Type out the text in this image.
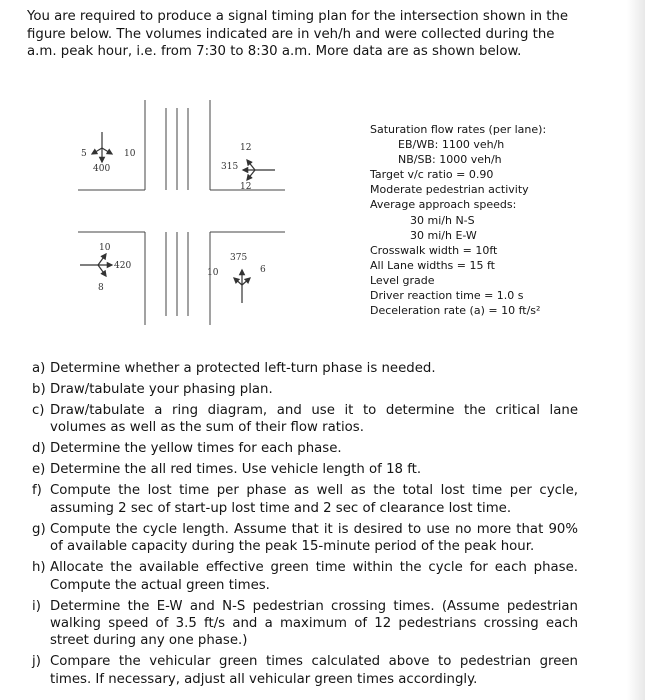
You are required to produce a signal timing plan for the intersection shown in the
figure below. The volumes indicated are in veh/h and were collected during the
a.m. peak hour, i.e. from 7:30 to 8:30 a.m. More data are as shown below.
5	10
400
12
315
12
10
420
8
375
10	6
Saturation flow rates (per lane):
EB/WB: 1100 veh/h
NB/SB: 1000 veh/h
Target v/c ratio = 0.90
Moderate pedestrian activity
Average approach speeds:
30 mi/h N-S
30 mi/h E-W
Crosswalk width = 10ft
All Lane widths = 15 ft
Level grade
Driver reaction time = 1.0 s
Deceleration rate (a) = 10 ft/s²
a) Determine whether a protected left-turn phase is needed.
b) Draw/tabulate your phasing plan.
c) Draw/tabulate a ring diagram, and use it to determine the critical lane volumes as well as the sum of their flow ratios.
d) Determine the yellow times for each phase.
e) Determine the all red times. Use vehicle length of 18 ft.
f) Compute the lost time per phase as well as the total lost time per cycle, assuming 2 sec of start-up lost time and 2 sec of clearance lost time.
g) Compute the cycle length. Assume that it is desired to use no more that 90% of available capacity during the peak 15-minute period of the peak hour.
h) Allocate the available effective green time within the cycle for each phase. Compute the actual green times.
i) Determine the E-W and N-S pedestrian crossing times. (Assume pedestrian walking speed of 3.5 ft/s and a maximum of 12 pedestrians crossing each street during any one phase.)
j) Compare the vehicular green times calculated above to pedestrian green times. If necessary, adjust all vehicular green times accordingly.
